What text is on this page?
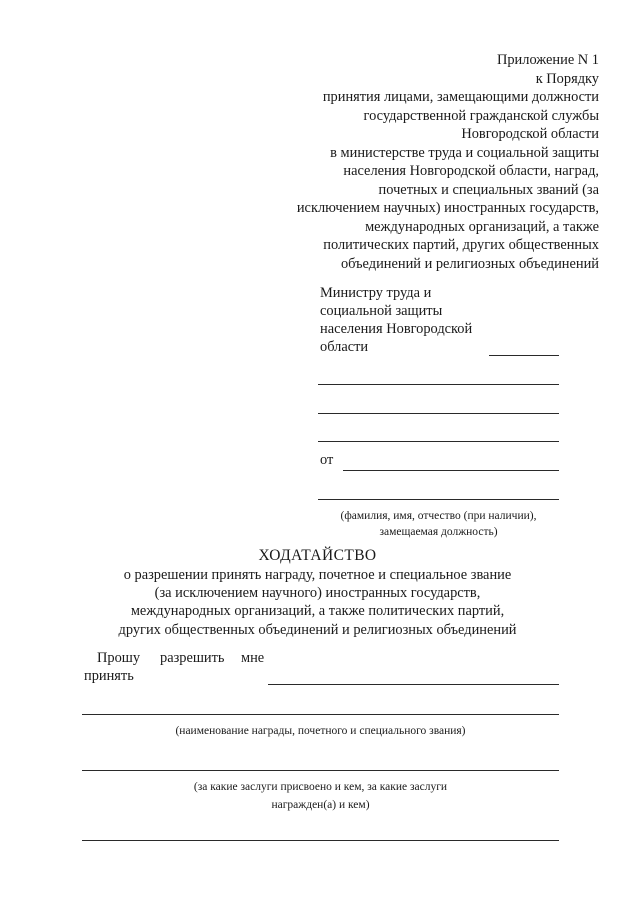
Приложение N 1
к Порядку
принятия лицами, замещающими должности
государственной гражданской службы
Новгородской области
в министерстве труда и социальной защиты
населения Новгородской области, наград,
почетных и специальных званий (за
исключением научных) иностранных государств,
международных организаций, а также
политических партий, других общественных
объединений и религиозных объединений
Министру труда и
социальной защиты
населения Новгородской
области
от
(фамилия, имя, отчество (при наличии),
замещаемая должность)
ХОДАТАЙСТВО
о разрешении принять награду, почетное и специальное звание
(за исключением научного) иностранных государств,
международных организаций, а также политических партий,
других общественных объединений и религиозных объединений
Прошу разрешить мне
принять
(наименование награды, почетного и специального звания)
(за какие заслуги присвоено и кем, за какие заслуги
награжден(а) и кем)
